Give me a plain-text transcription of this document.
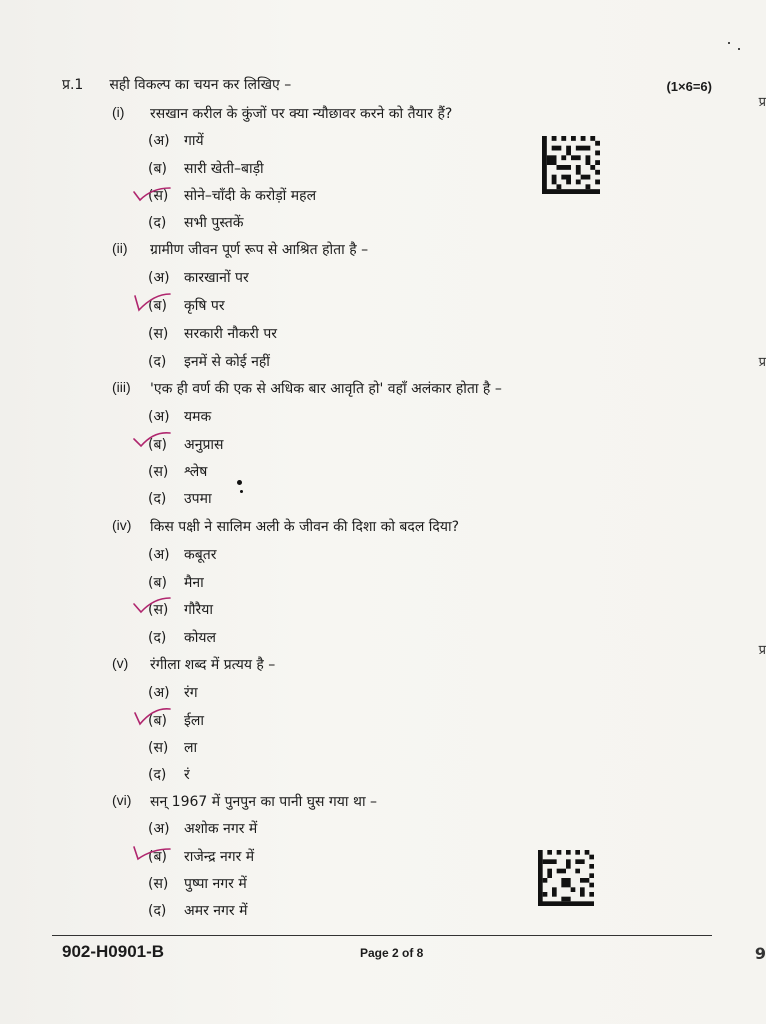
प्र.1 सही विकल्प का चयन कर लिखिए –	(1×6=6)
(i)	रसखान करील के कुंजों पर क्या न्यौछावर करने को तैयार हैं?
(अ)	गायें
(ब)	सारी खेती–बाड़ी
(स)	सोने–चाँदी के करोड़ों महल
(द)	सभी पुस्तकें
(ii)	ग्रामीण जीवन पूर्ण रूप से आश्रित होता है –
(अ)	कारखानों पर
(ब)	कृषि पर
(स)	सरकारी नौकरी पर
(द)	इनमें से कोई नहीं
(iii)	'एक ही वर्ण की एक से अधिक बार आवृति हो' वहाँ अलंकार होता है –
(अ)	यमक
(ब)	अनुप्रास
(स)	श्लेष
(द)	उपमा
(iv)	किस पक्षी ने सालिम अली के जीवन की दिशा को बदल दिया?
(अ)	कबूतर
(ब)	मैना
(स)	गौरैया
(द)	कोयल
(v)	रंगीला शब्द में प्रत्यय है –
(अ)	रंग
(ब)	ईला
(स)	ला
(द)	रं
(vi)	सन् 1967 में पुनपुन का पानी घुस गया था –
(अ)	अशोक नगर में
(ब)	राजेन्द्र नगर में
(स)	पुष्पा नगर में
(द)	अमर नगर में
प्र
प्र
प्र
9
902-H0901-B	Page 2 of 8
